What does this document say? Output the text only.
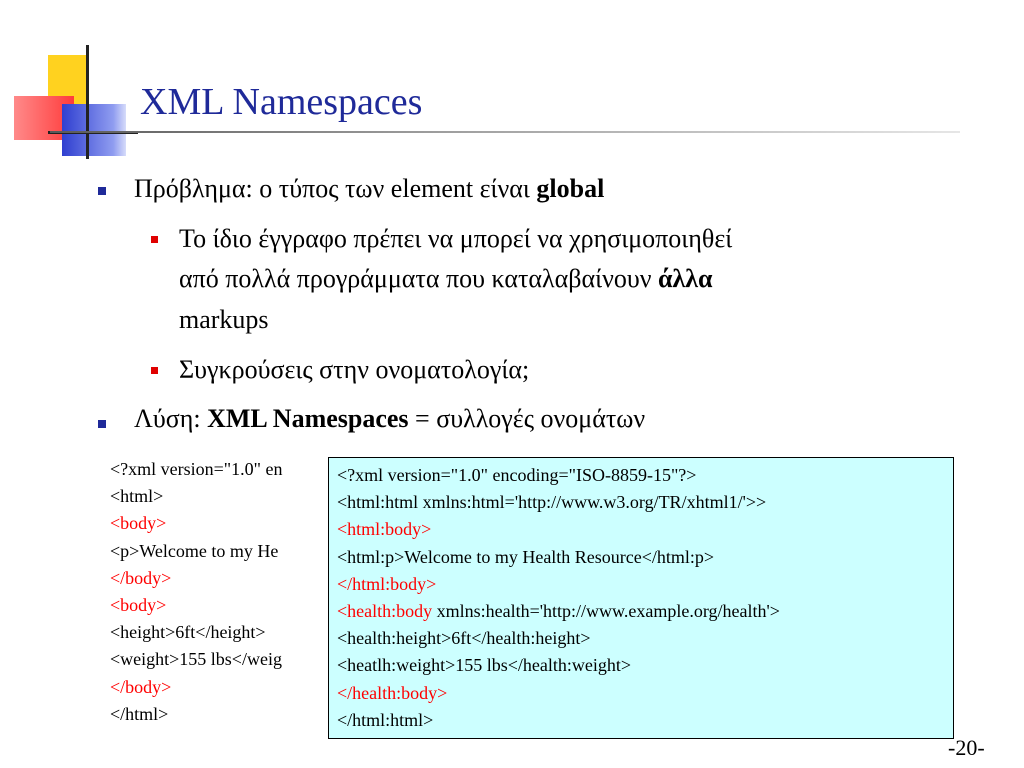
XML Namespaces
Πρόβλημα: ο τύπος των element είναι global
Το ίδιο έγγραφο πρέπει να μπορεί να χρησιμοποιηθεί
από πολλά προγράμματα που καταλαβαίνουν άλλα
markups
Συγκρούσεις στην ονοματολογία;
Λύση: XML Namespaces = συλλογές ονομάτων
<?xml version="1.0" en
<html>
<body>
<p>Welcome to my He
</body>
<body>
<height>6ft</height>
<weight>155 lbs</weig
</body>
</html>
<?xml version="1.0" encoding="ISO-8859-15"?>
<html:html xmlns:html='http://www.w3.org/TR/xhtml1/'>>
<html:body>
<html:p>Welcome to my Health Resource</html:p>
</html:body>
<health:body xmlns:health='http://www.example.org/health'>
<health:height>6ft</health:height>
<heatlh:weight>155 lbs</health:weight>
</health:body>
</html:html>
-20-
